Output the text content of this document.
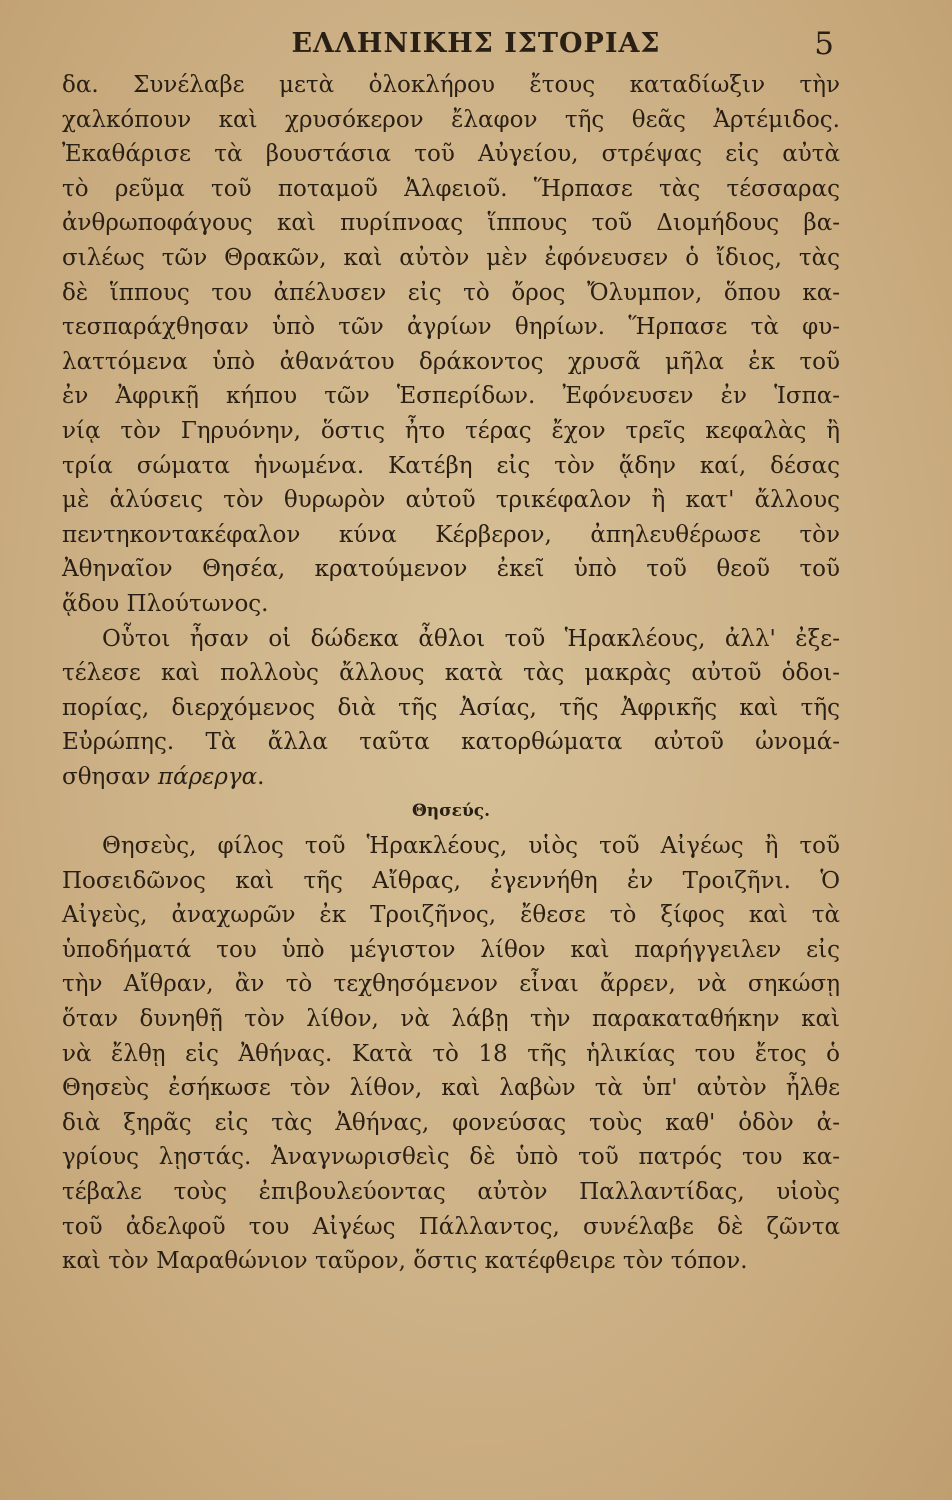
ΕΛΛΗΝΙΚΗΣ ΙΣΤΟΡΙΑΣ	5
δα. Συνέλαβε μετὰ ὁλοκλήρου ἔτους καταδίωξιν τὴν
χαλκόπουν καὶ χρυσόκερον ἔλαφον τῆς θεᾶς Ἀρτέμιδος.
Ἐκαθάρισε τὰ βουστάσια τοῦ Αὐγείου, στρέψας εἰς αὐτὰ
τὸ ρεῦμα τοῦ ποταμοῦ Ἀλφειοῦ. Ἥρπασε τὰς τέσσαρας
ἀνθρωποφάγους καὶ πυρίπνοας ἵππους τοῦ Διομήδους βα-
σιλέως τῶν Θρακῶν, καὶ αὐτὸν μὲν ἐφόνευσεν ὁ ἴδιος, τὰς
δὲ ἵππους του ἀπέλυσεν εἰς τὸ ὄρος Ὄλυμπον, ὅπου κα-
τεσπαράχθησαν ὑπὸ τῶν ἀγρίων θηρίων. Ἥρπασε τὰ φυ-
λαττόμενα ὑπὸ ἀθανάτου δράκοντος χρυσᾶ μῆλα ἐκ τοῦ
ἐν Ἀφρικῇ κήπου τῶν Ἑσπερίδων. Ἐφόνευσεν ἐν Ἱσπα-
νίᾳ τὸν Γηρυόνην, ὅστις ἦτο τέρας ἔχον τρεῖς κεφαλὰς ἢ
τρία σώματα ἡνωμένα. Κατέβη εἰς τὸν ᾅδην καί, δέσας
μὲ ἁλύσεις τὸν θυρωρὸν αὐτοῦ τρικέφαλον ἢ κατ' ἄλλους
πεντηκοντακέφαλον κύνα Κέρβερον, ἀπηλευθέρωσε τὸν
Ἀθηναῖον Θησέα, κρατούμενον ἐκεῖ ὑπὸ τοῦ θεοῦ τοῦ
ᾅδου Πλούτωνος.
Οὗτοι ἦσαν οἱ δώδεκα ἆθλοι τοῦ Ἡρακλέους, ἀλλ' ἐξε-
τέλεσε καὶ πολλοὺς ἄλλους κατὰ τὰς μακρὰς αὐτοῦ ὁδοι-
πορίας, διερχόμενος διὰ τῆς Ἀσίας, τῆς Ἀφρικῆς καὶ τῆς
Εὐρώπης. Τὰ ἄλλα ταῦτα κατορθώματα αὐτοῦ ὠνομά-
σθησαν πάρεργα.
Θησεύς.
Θησεὺς, φίλος τοῦ Ἡρακλέους, υἱὸς τοῦ Αἰγέως ἢ τοῦ
Ποσειδῶνος καὶ τῆς Αἴθρας, ἐγεννήθη ἐν Τροιζῆνι. Ὁ
Αἰγεὺς, ἀναχωρῶν ἐκ Τροιζῆνος, ἔθεσε τὸ ξίφος καὶ τὰ
ὑποδήματά του ὑπὸ μέγιστον λίθον καὶ παρήγγειλεν εἰς
τὴν Αἴθραν, ἂν τὸ τεχθησόμενον εἶναι ἄρρεν, νὰ σηκώσῃ
ὅταν δυνηθῇ τὸν λίθον, νὰ λάβῃ τὴν παρακαταθήκην καὶ
νὰ ἔλθῃ εἰς Ἀθήνας. Κατὰ τὸ 18 τῆς ἡλικίας του ἔτος ὁ
Θησεὺς ἐσήκωσε τὸν λίθον, καὶ λαβὼν τὰ ὑπ' αὐτὸν ἦλθε
διὰ ξηρᾶς εἰς τὰς Ἀθήνας, φονεύσας τοὺς καθ' ὁδὸν ἀ-
γρίους λῃστάς. Ἀναγνωρισθεὶς δὲ ὑπὸ τοῦ πατρός του κα-
τέβαλε τοὺς ἐπιβουλεύοντας αὐτὸν Παλλαντίδας, υἱοὺς
τοῦ ἀδελφοῦ του Αἰγέως Πάλλαντος, συνέλαβε δὲ ζῶντα
καὶ τὸν Μαραθώνιον ταῦρον, ὅστις κατέφθειρε τὸν τόπον.
